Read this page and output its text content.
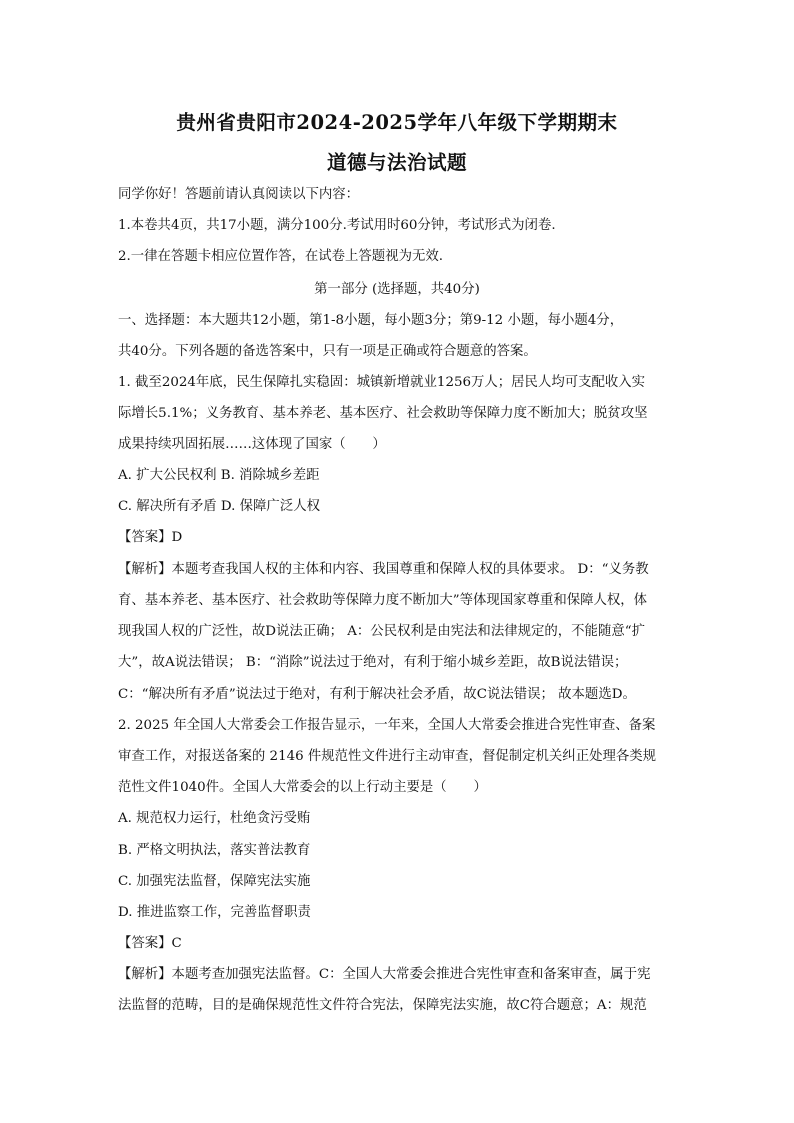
贵州省贵阳市2024-2025学年八年级下学期期末
道德与法治试题
同学你好！答题前请认真阅读以下内容：
1.本卷共4页，共17小题，满分100分.考试用时60分钟，考试形式为闭卷.
2.一律在答题卡相应位置作答，在试卷上答题视为无效.
第一部分 (选择题，共40分)
一、选择题：本大题共12小题，第1-8小题，每小题3分；第9-12 小题，每小题4分，
共40分。下列各题的备选答案中，只有一项是正确或符合题意的答案。
1. 截至2024年底，民生保障扎实稳固：城镇新增就业1256万人；居民人均可支配收入实
际增长5.1%；义务教育、基本养老、基本医疗、社会救助等保障力度不断加大；脱贫攻坚
成果持续巩固拓展……这体现了国家（　　）
A. 扩大公民权利 B. 消除城乡差距
C. 解决所有矛盾 D. 保障广泛人权
【答案】D
【解析】本题考查我国人权的主体和内容、我国尊重和保障人权的具体要求。 D：“义务教
育、基本养老、基本医疗、社会救助等保障力度不断加大”等体现国家尊重和保障人权，体
现我国人权的广泛性，故D说法正确； A：公民权利是由宪法和法律规定的，不能随意“扩
大”，故A说法错误； B：“消除”说法过于绝对，有利于缩小城乡差距，故B说法错误；
C：“解决所有矛盾”说法过于绝对，有利于解决社会矛盾，故C说法错误； 故本题选D。
2. 2025 年全国人大常委会工作报告显示，一年来，全国人大常委会推进合宪性审查、备案
审查工作，对报送备案的 2146 件规范性文件进行主动审查，督促制定机关纠正处理各类规
范性文件1040件。全国人大常委会的以上行动主要是（　　）
A. 规范权力运行，杜绝贪污受贿
B. 严格文明执法，落实普法教育
C. 加强宪法监督，保障宪法实施
D. 推进监察工作，完善监督职责
【答案】C
【解析】本题考查加强宪法监督。C：全国人大常委会推进合宪性审查和备案审查，属于宪
法监督的范畴，目的是确保规范性文件符合宪法，保障宪法实施，故C符合题意；A：规范
